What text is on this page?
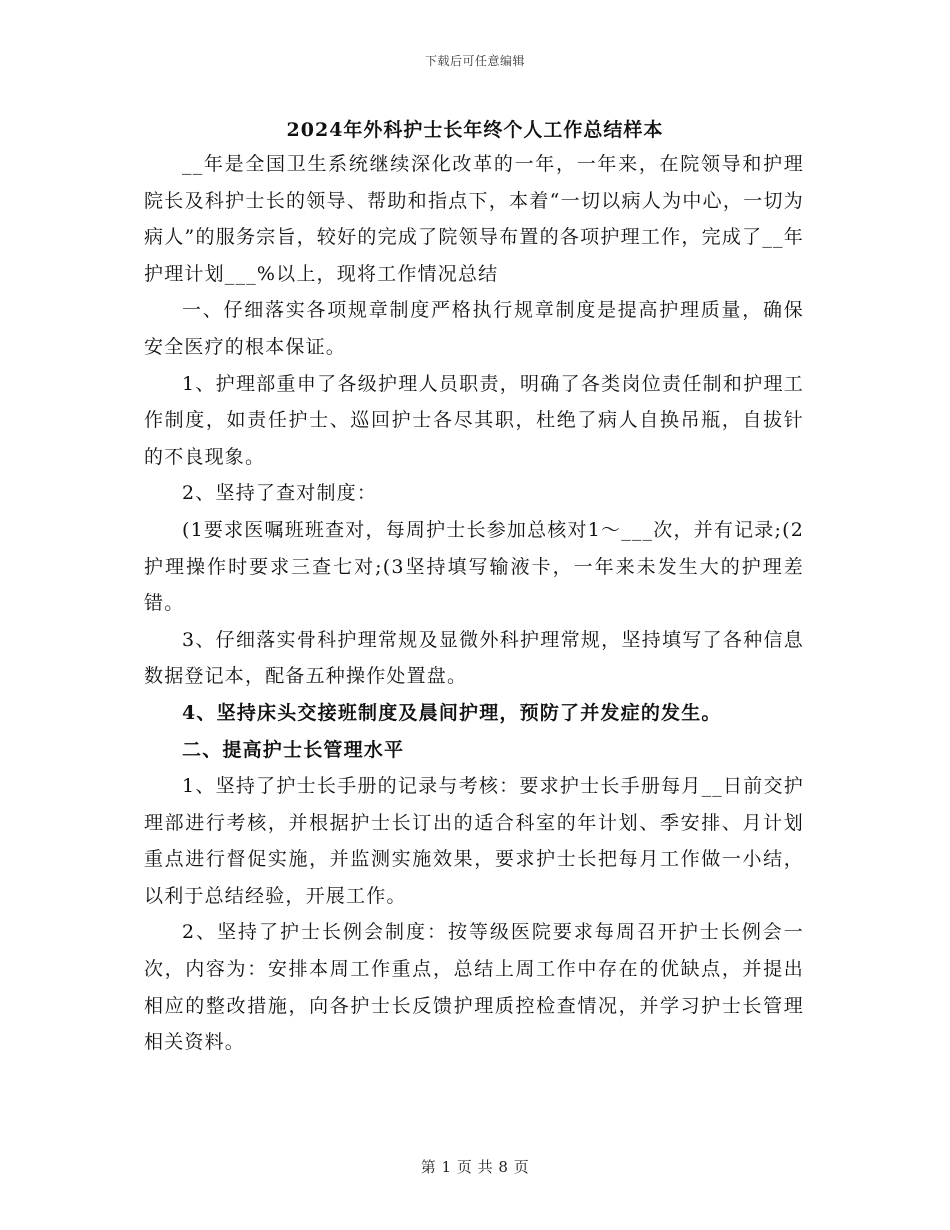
下载后可任意编辑
2024年外科护士长年终个人工作总结样本

__年是全国卫生系统继续深化改革的一年，一年来，在院领导和护理院长及科护士长的领导、帮助和指点下，本着“一切以病人为中心，一切为病人”的服务宗旨，较好的完成了院领导布置的各项护理工作，完成了__年护理计划___%以上，现将工作情况总结

一、仔细落实各项规章制度严格执行规章制度是提高护理质量，确保安全医疗的根本保证。

1、护理部重申了各级护理人员职责，明确了各类岗位责任制和护理工作制度，如责任护士、巡回护士各尽其职，杜绝了病人自换吊瓶，自拔针的不良现象。

2、坚持了查对制度：

(1要求医嘱班班查对，每周护士长参加总核对1～___次，并有记录;(2护理操作时要求三查七对;(3坚持填写输液卡，一年来未发生大的护理差错。

3、仔细落实骨科护理常规及显微外科护理常规，坚持填写了各种信息数据登记本，配备五种操作处置盘。

4、坚持床头交接班制度及晨间护理，预防了并发症的发生。

二、提高护士长管理水平

1、坚持了护士长手册的记录与考核：要求护士长手册每月__日前交护理部进行考核，并根据护士长订出的适合科室的年计划、季安排、月计划重点进行督促实施，并监测实施效果，要求护士长把每月工作做一小结，以利于总结经验，开展工作。

2、坚持了护士长例会制度：按等级医院要求每周召开护士长例会一次，内容为：安排本周工作重点，总结上周工作中存在的优缺点，并提出相应的整改措施，向各护士长反馈护理质控检查情况，并学习护士长管理相关资料。

第 1 页 共 8 页
